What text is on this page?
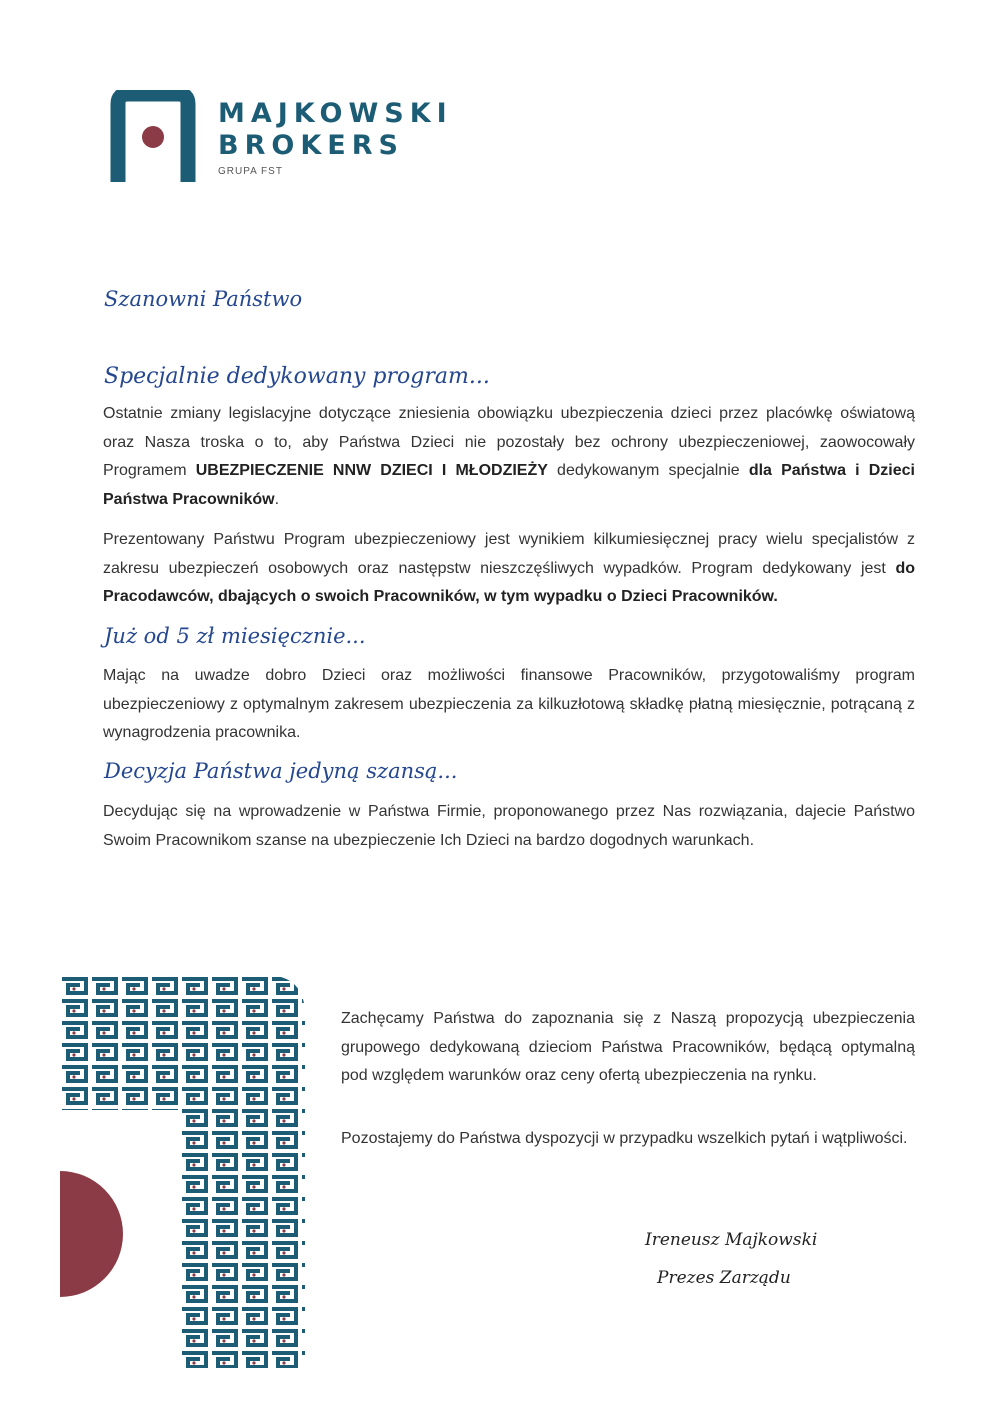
MAJKOWSKI
BROKERS
GRUPA FST
Szanowni Państwo
Specjalnie dedykowany program...

Ostatnie zmiany legislacyjne dotyczące zniesienia obowiązku ubezpieczenia dzieci przez placówkę oświatową oraz Nasza troska o to, aby Państwa Dzieci nie pozostały bez ochrony ubezpieczeniowej, zaowocowały Programem UBEZPIECZENIE NNW DZIECI I MŁODZIEŻY dedykowanym specjalnie dla Państwa i Dzieci Państwa Pracowników.

Prezentowany Państwu Program ubezpieczeniowy jest wynikiem kilkumiesięcznej pracy wielu specjalistów z zakresu ubezpieczeń osobowych oraz następstw nieszczęśliwych wypadków. Program dedykowany jest do Pracodawców, dbających o swoich Pracowników, w tym wypadku o Dzieci Pracowników.

Już od 5 zł miesięcznie...

Mając na uwadze dobro Dzieci oraz możliwości finansowe Pracowników, przygotowaliśmy program ubezpieczeniowy z optymalnym zakresem ubezpieczenia za kilkuzłotową składkę płatną miesięcznie, potrącaną z wynagrodzenia pracownika.

Decyzja Państwa jedyną szansą...

Decydując się na wprowadzenie w Państwa Firmie, proponowanego przez Nas rozwiązania, dajecie Państwo Swoim Pracownikom szanse na ubezpieczenie Ich Dzieci na bardzo dogodnych warunkach.

Zachęcamy Państwa do zapoznania się z Naszą propozycją ubezpieczenia grupowego dedykowaną dzieciom Państwa Pracowników, będącą optymalną pod względem warunków oraz ceny ofertą ubezpieczenia na rynku.

Pozostajemy do Państwa dyspozycji w przypadku wszelkich pytań i wątpliwości.

Ireneusz Majkowski
Prezes Zarządu
